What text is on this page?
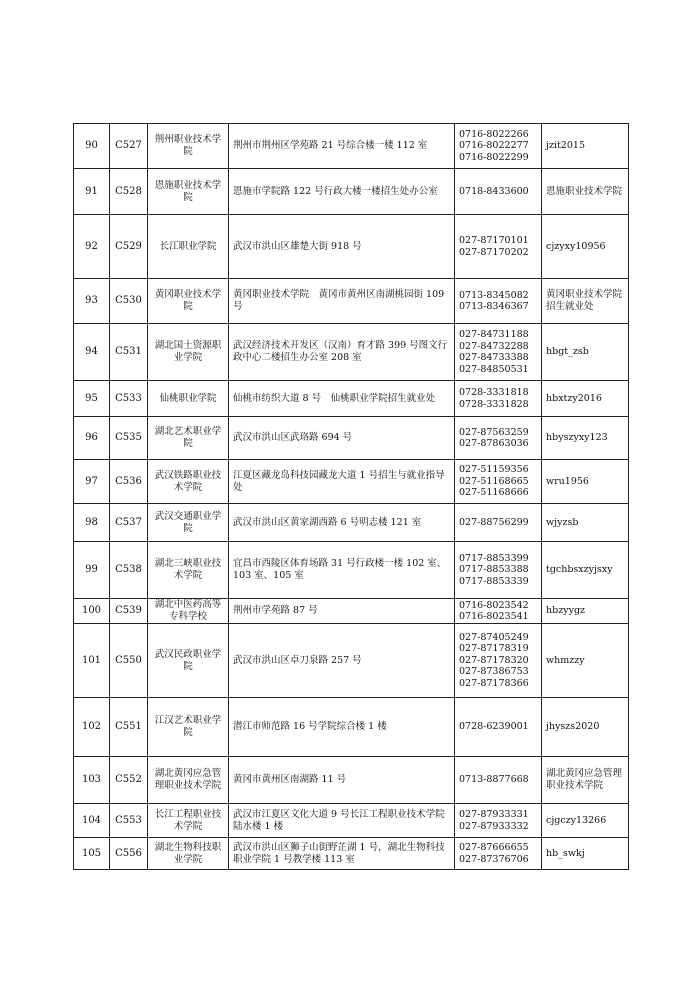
90	C527	荆州职业技术学院	荆州市荆州区学苑路 21 号综合楼一楼 112 室	0716-8022266
0716-8022277
0716-8022299	jzit2015
91	C528	恩施职业技术学院	恩施市学院路 122 号行政大楼一楼招生处办公室	0718-8433600	恩施职业技术学院
92	C529	长江职业学院	武汉市洪山区雄楚大街 918 号	027-87170101
027-87170202	cjzyxy10956
93	C530	黄冈职业技术学院	黄冈职业技术学院　黄冈市黄州区南湖桃园街 109 号	0713-8345082
0713-8346367	黄冈职业技术学院招生就业处
94	C531	湖北国土资源职业学院	武汉经济技术开发区（汉南）育才路 399 号图文行政中心二楼招生办公室 208 室	027-84731188
027-84732288
027-84733388
027-84850531	hbgt_zsb
95	C533	仙桃职业学院	仙桃市纺织大道 8 号　仙桃职业学院招生就业处	0728-3331818
0728-3331828	hbxtzy2016
96	C535	湖北艺术职业学院	武汉市洪山区武珞路 694 号	027-87563259
027-87863036	hbyszyxy123
97	C536	武汉铁路职业技术学院	江夏区藏龙岛科技园藏龙大道 1 号招生与就业指导处	027-51159356
027-51168665
027-51168666	wru1956
98	C537	武汉交通职业学院	武汉市洪山区黄家湖西路 6 号明志楼 121 室	027-88756299	wjyzsb
99	C538	湖北三峡职业技术学院	宜昌市西陵区体育场路 31 号行政楼一楼 102 室、103 室、105 室	0717-8853399
0717-8853388
0717-8853339	tgchbsxzyjsxy
100	C539	湖北中医药高等专科学校	荆州市学苑路 87 号	0716-8023542
0716-8023541	hbzyygz
101	C550	武汉民政职业学院	武汉市洪山区卓刀泉路 257 号	027-87405249
027-87178319
027-87178320
027-87386753
027-87178366	whmzzy
102	C551	江汉艺术职业学院	潜江市师范路 16 号学院综合楼 1 楼	0728-6239001	jhyszs2020
103	C552	湖北黄冈应急管理职业技术学院	黄冈市黄州区南湖路 11 号	0713-8877668	湖北黄冈应急管理职业技术学院
104	C553	长江工程职业技术学院	武汉市江夏区文化大道 9 号长江工程职业技术学院陆水楼 1 楼	027-87933331
027-87933332	cjgczy13266
105	C556	湖北生物科技职业学院	武汉市洪山区狮子山街野芷湖 1 号，湖北生物科技职业学院 1 号教学楼 113 室	027-87666655
027-87376706	hb_swkj
